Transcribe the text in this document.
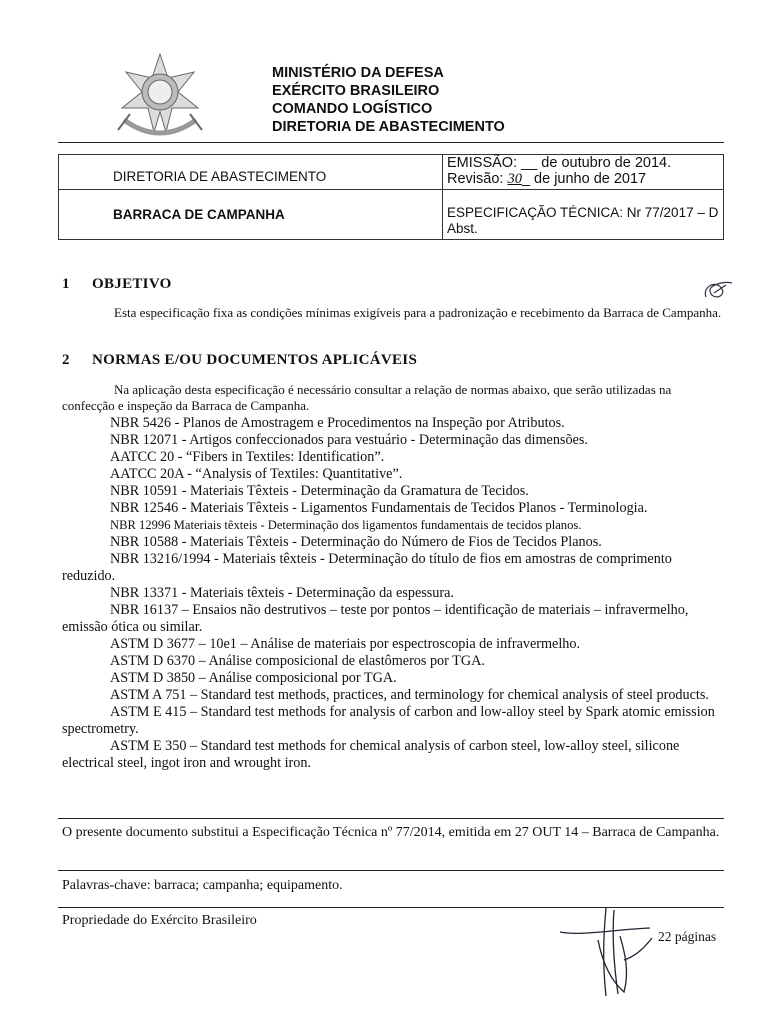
MINISTÉRIO DA DEFESA
EXÉRCITO BRASILEIRO
COMANDO LOGÍSTICO
DIRETORIA DE ABASTECIMENTO
DIRETORIA DE ABASTECIMENTO
EMISSÃO: __ de outubro de 2014.
Revisão: 30_ de junho de 2017
BARRACA DE CAMPANHA	ESPECIFICAÇÃO TÉCNICA: Nr 77/2017 – D Abst.
1 OBJETIVO
Esta especificação fixa as condições mínimas exigíveis para a padronização e recebimento da Barraca de Campanha.
2 NORMAS E/OU DOCUMENTOS APLICÁVEIS
Na aplicação desta especificação é necessário consultar a relação de normas abaixo, que serão utilizadas na confecção e inspeção da Barraca de Campanha.
NBR 5426 - Planos de Amostragem e Procedimentos na Inspeção por Atributos.
NBR 12071 - Artigos confeccionados para vestuário - Determinação das dimensões.
AATCC 20 - “Fibers in Textiles: Identification”.
AATCC 20A - “Analysis of Textiles: Quantitative”.
NBR 10591 - Materiais Têxteis - Determinação da Gramatura de Tecidos.
NBR 12546 - Materiais Têxteis - Ligamentos Fundamentais de Tecidos Planos - Terminologia.
NBR 12996 Materiais têxteis - Determinação dos ligamentos fundamentais de tecidos planos.
NBR 10588 - Materiais Têxteis - Determinação do Número de Fios de Tecidos Planos.
NBR 13216/1994 - Materiais têxteis - Determinação do título de fios em amostras de comprimento reduzido.
NBR 13371 - Materiais têxteis - Determinação da espessura.
NBR 16137 – Ensaios não destrutivos – teste por pontos – identificação de materiais – infravermelho, emissão ótica ou similar.
ASTM D 3677 – 10e1 – Análise de materiais por espectroscopia de infravermelho.
ASTM D 6370 – Análise composicional de elastômeros por TGA.
ASTM D 3850 – Análise composicional por TGA.
ASTM A 751 – Standard test methods, practices, and terminology for chemical analysis of steel products.
ASTM E 415 – Standard test methods for analysis of carbon and low-alloy steel by Spark atomic emission spectrometry.
ASTM E 350 – Standard test methods for chemical analysis of carbon steel, low-alloy steel, silicone electrical steel, ingot iron and wrought iron.
O presente documento substitui a Especificação Técnica nº 77/2014, emitida em 27 OUT 14 – Barraca de Campanha.
Palavras-chave: barraca; campanha; equipamento.
Propriedade do Exército Brasileiro
22 páginas
